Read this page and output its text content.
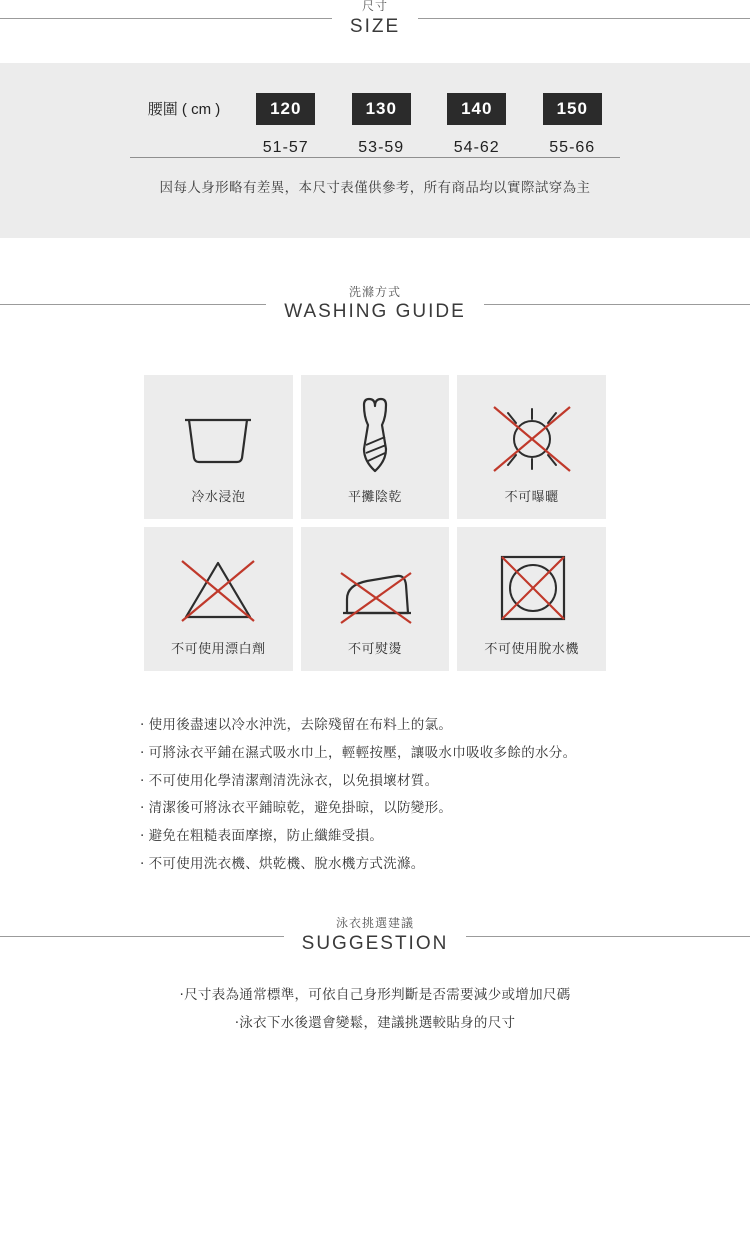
尺寸
SIZE
腰圍 ( cm )	120	130	140	150
	51-57	53-59	54-62	55-66
因每人身形略有差異，本尺寸表僅供參考，所有商品均以實際試穿為主
洗滌方式
WASHING GUIDE
冷水浸泡	平攤陰乾	不可曝曬
不可使用漂白劑	不可熨燙	不可使用脫水機
‧ 使用後盡速以冷水沖洗，去除殘留在布料上的氯。
‧ 可將泳衣平鋪在濕式吸水巾上，輕輕按壓，讓吸水巾吸收多餘的水分。
‧ 不可使用化學清潔劑清洗泳衣，以免損壞材質。
‧ 清潔後可將泳衣平鋪晾乾，避免掛晾，以防變形。
‧ 避免在粗糙表面摩擦，防止纖維受損。
‧ 不可使用洗衣機、烘乾機、脫水機方式洗滌。
泳衣挑選建議
SUGGESTION
‧尺寸表為通常標準，可依自己身形判斷是否需要減少或增加尺碼
‧泳衣下水後還會變鬆，建議挑選較貼身的尺寸
